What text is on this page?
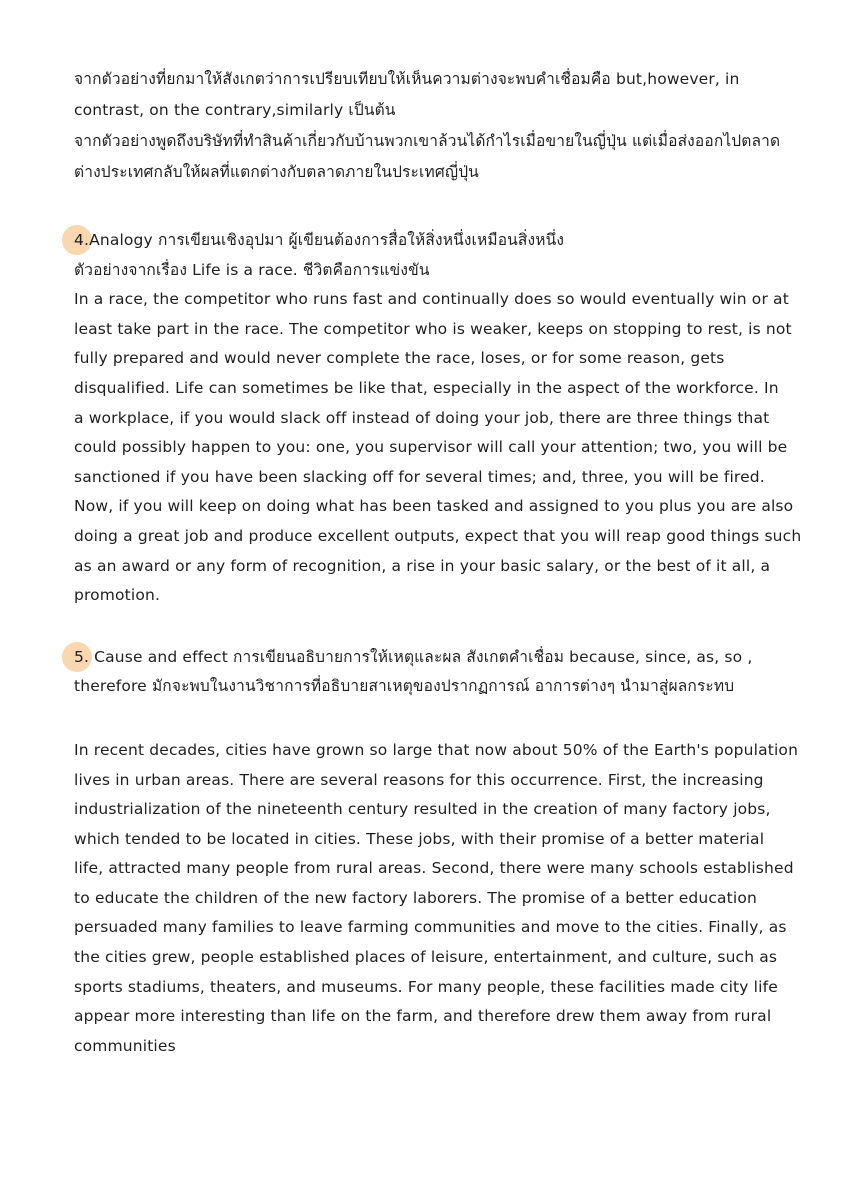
จากตัวอย่างที่ยกมาให้สังเกตว่าการเปรียบเทียบให้เห็นความต่างจะพบคำเชื่อมคือ but,however, in

contrast, on the contrary,similarly เป็นต้น

จากตัวอย่างพูดถึงบริษัทที่ทำสินค้าเกี่ยวกับบ้านพวกเขาล้วนได้กำไรเมื่อขายในญี่ปุ่น แต่เมื่อส่งออกไปตลาด

ต่างประเทศกลับให้ผลที่แตกต่างกับตลาดภายในประเทศญี่ปุ่น

4.Analogy การเขียนเชิงอุปมา ผู้เขียนต้องการสื่อให้สิ่งหนึ่งเหมือนสิ่งหนึ่ง

ตัวอย่างจากเรื่อง Life is a race. ชีวิตคือการแข่งขัน

In a race, the competitor who runs fast and continually does so would eventually win or at

least take part in the race. The competitor who is weaker, keeps on stopping to rest, is not

fully prepared and would never complete the race, loses, or for some reason, gets

disqualified. Life can sometimes be like that, especially in the aspect of the workforce. In

a workplace, if you would slack off instead of doing your job, there are three things that

could possibly happen to you: one, you supervisor will call your attention; two, you will be

sanctioned if you have been slacking off for several times; and, three, you will be fired.

Now, if you will keep on doing what has been tasked and assigned to you plus you are also

doing a great job and produce excellent outputs, expect that you will reap good things such

as an award or any form of recognition, a rise in your basic salary, or the best of it all, a

promotion.

5. Cause and effect การเขียนอธิบายการให้เหตุและผล สังเกตคำเชื่อม because, since, as, so ,

therefore มักจะพบในงานวิชาการที่อธิบายสาเหตุของปรากฏการณ์ อาการต่างๆ นำมาสู่ผลกระทบ

In recent decades, cities have grown so large that now about 50% of the Earth's population

lives in urban areas. There are several reasons for this occurrence. First, the increasing

industrialization of the nineteenth century resulted in the creation of many factory jobs,

which tended to be located in cities. These jobs, with their promise of a better material

life, attracted many people from rural areas. Second, there were many schools established

to educate the children of the new factory laborers. The promise of a better education

persuaded many families to leave farming communities and move to the cities. Finally, as

the cities grew, people established places of leisure, entertainment, and culture, such as

sports stadiums, theaters, and museums. For many people, these facilities made city life

appear more interesting than life on the farm, and therefore drew them away from rural

communities
